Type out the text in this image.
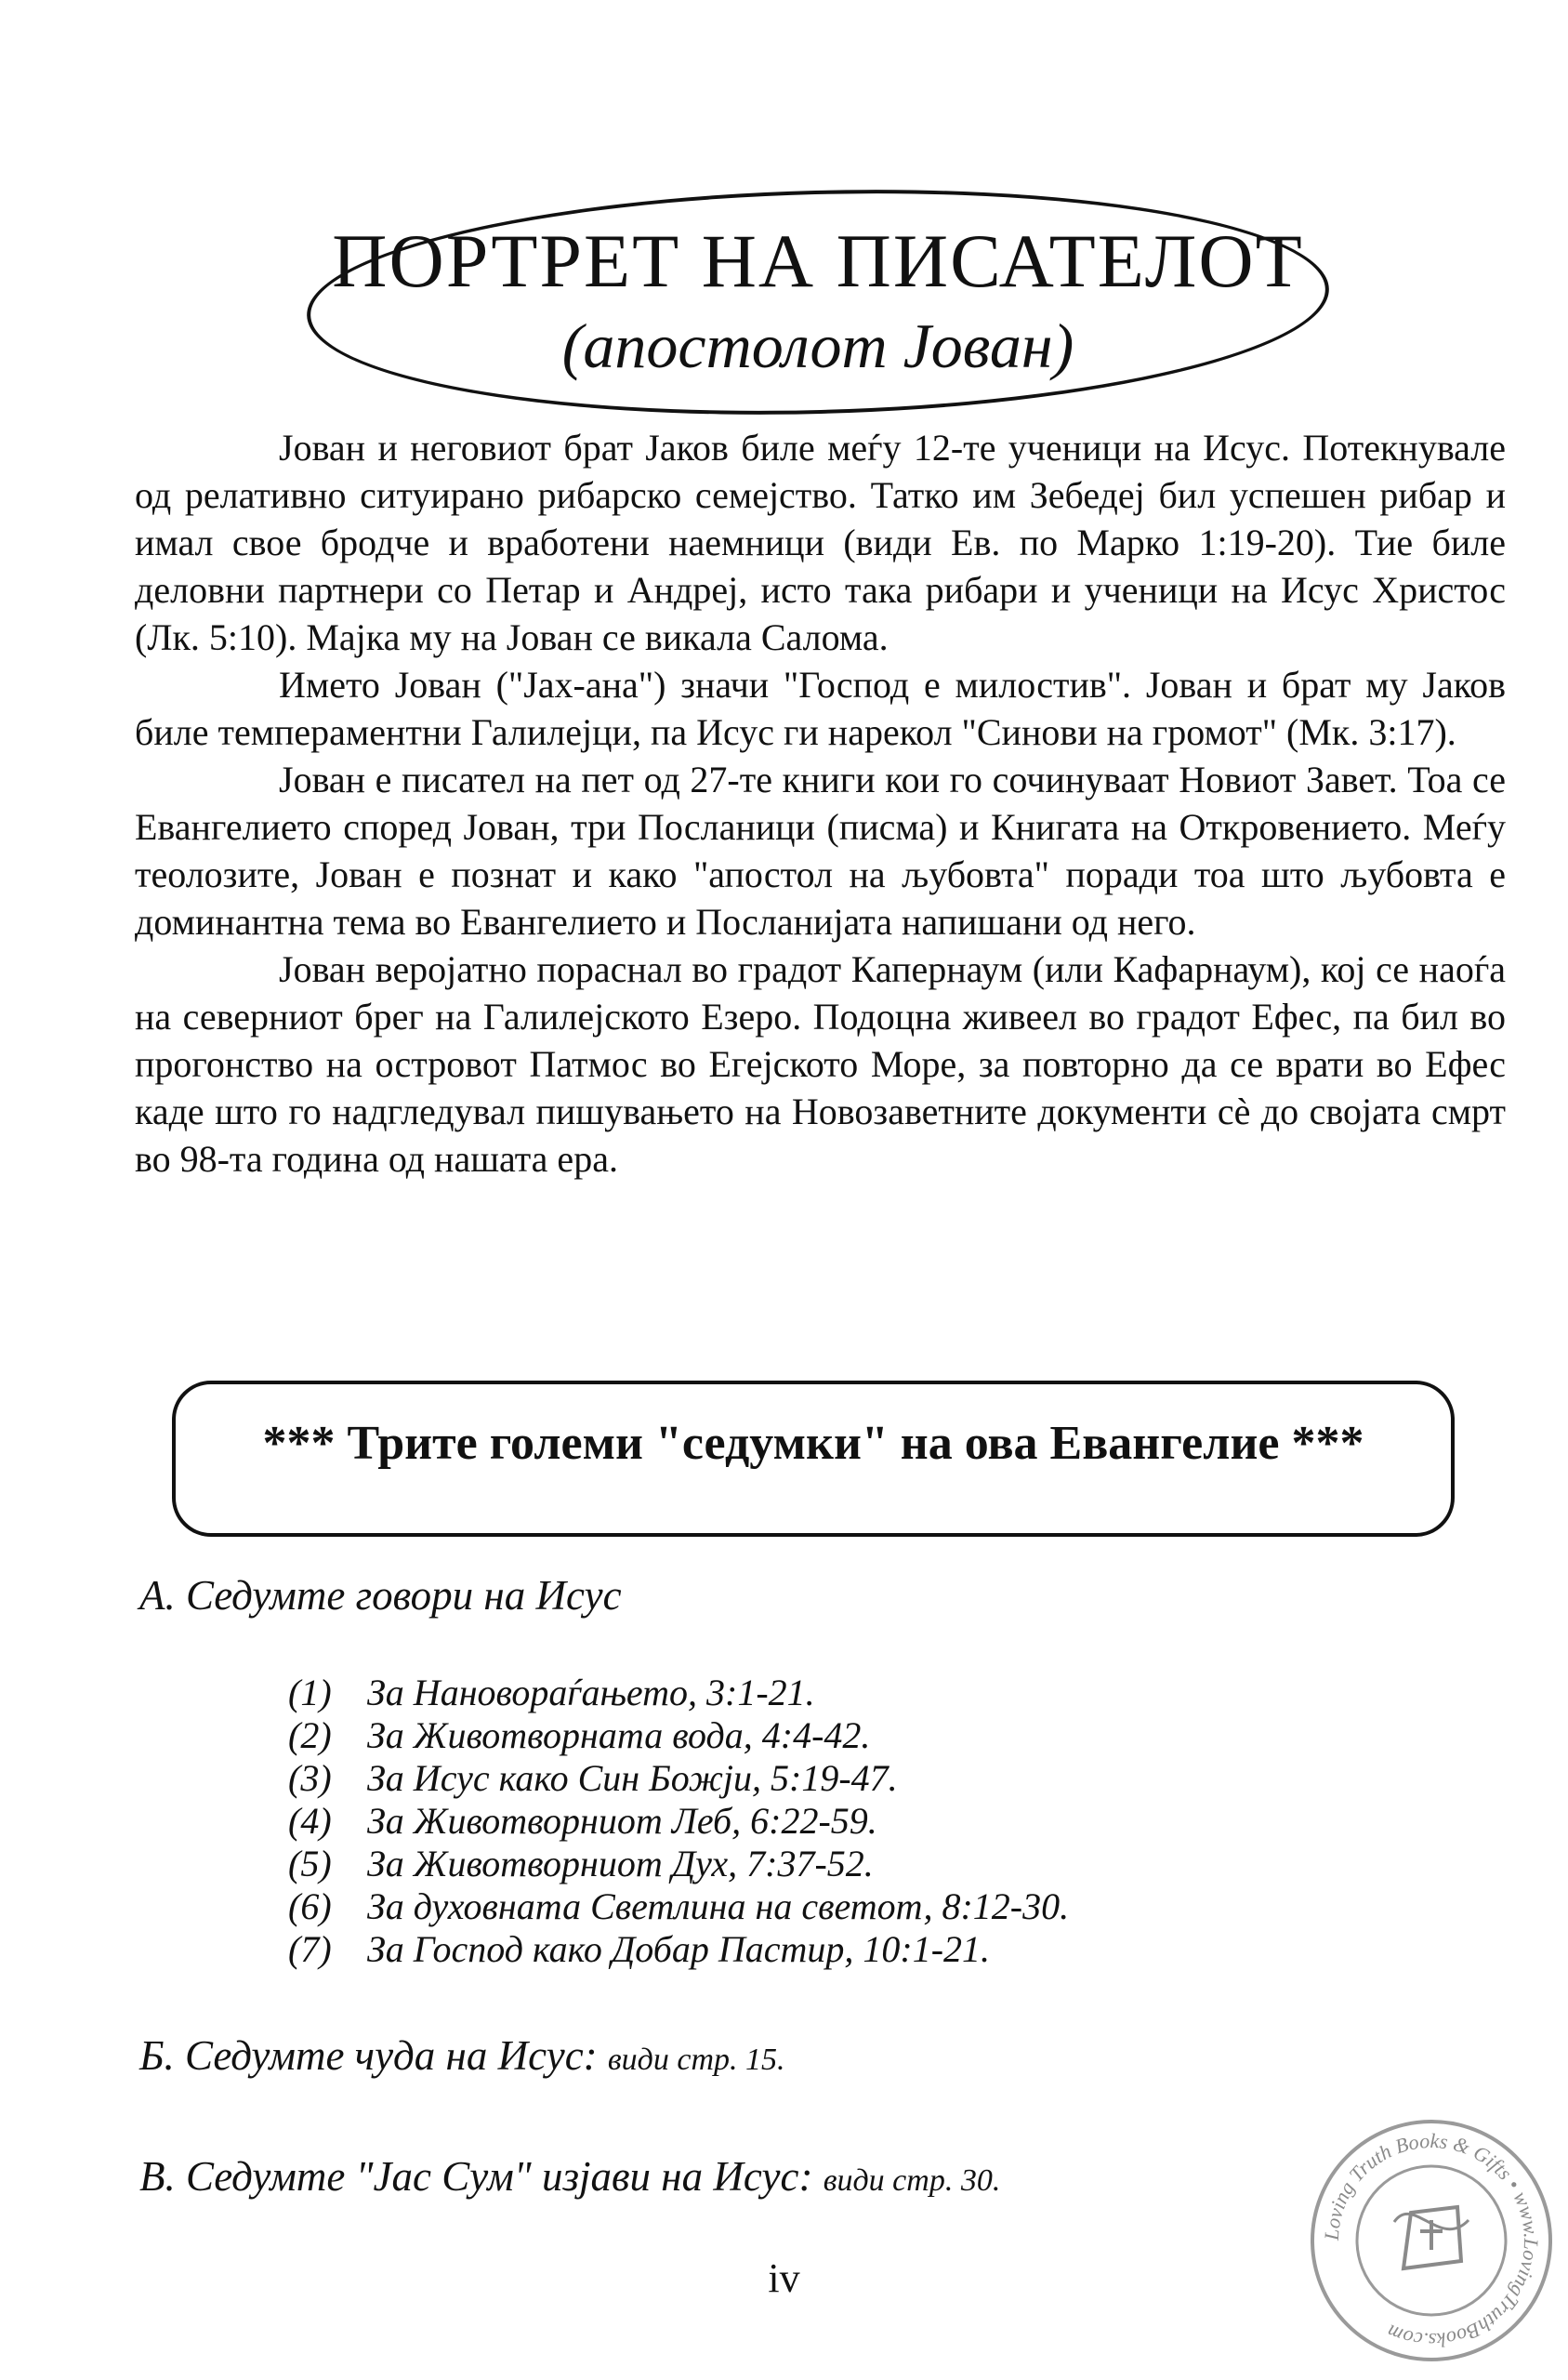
ПОРТРЕТ НА ПИСАТЕЛОТ
(апостолот Јован)

Јован и неговиот брат Јаков биле меѓу 12-те ученици на Исус. Потекнувале од релативно ситуирано рибарско семејство. Татко им Зебедеј бил успешен рибар и имал свое бродче и вработени наемници (види Ев. по Марко 1:19-20). Тие биле деловни партнери со Петар и Андреј, исто така рибари и ученици на Исус Христос (Лк. 5:10). Мајка му на Јован се викала Салома.

Името Јован ("Јах-ана") значи "Господ е милостив". Јован и брат му Јаков биле темпераментни Галилејци, па Исус ги нарекол "Синови на громот" (Мк. 3:17).

Јован е писател на пет од 27-те книги кои го сочинуваат Новиот Завет. Тоа се Евангелието според Јован, три Посланици (писма) и Книгата на Откровението. Меѓу теолозите, Јован е познат и како "апостол на љубовта" поради тоа што љубовта е доминантна тема во Евангелието и Посланијата напишани од него.

Јован веројатно пораснал во градот Капернаум (или Кафарнаум), кој се наоѓа на северниот брег на Галилејското Езеро. Подоцна живеел во градот Ефес, па бил во прогонство на островот Патмос во Егејското Море, за повторно да се врати во Ефес каде што го надгледувал пишувањето на Новозаветните документи сѐ до својата смрт во 98-та година од нашата ера.

*** Трите големи "седумки" на ова Евангелие ***
А. Седумте говори на Исус
(1) За Нановораѓањето, 3:1-21.
(2) За Животворната вода, 4:4-42.
(3) За Исус како Син Божји, 5:19-47.
(4) За Животворниот Леб, 6:22-59.
(5) За Животворниот Дух, 7:37-52.
(6) За духовната Светлина на светот, 8:12-30.
(7) За Господ како Добар Пастир, 10:1-21.
Б. Седумте чуда на Исус: види стр. 15.
В. Седумте "Јас Сум" изјави на Исус: види стр. 30.
iv
Loving Truth Books & Gifts • www.LovingTruthBooks.com
